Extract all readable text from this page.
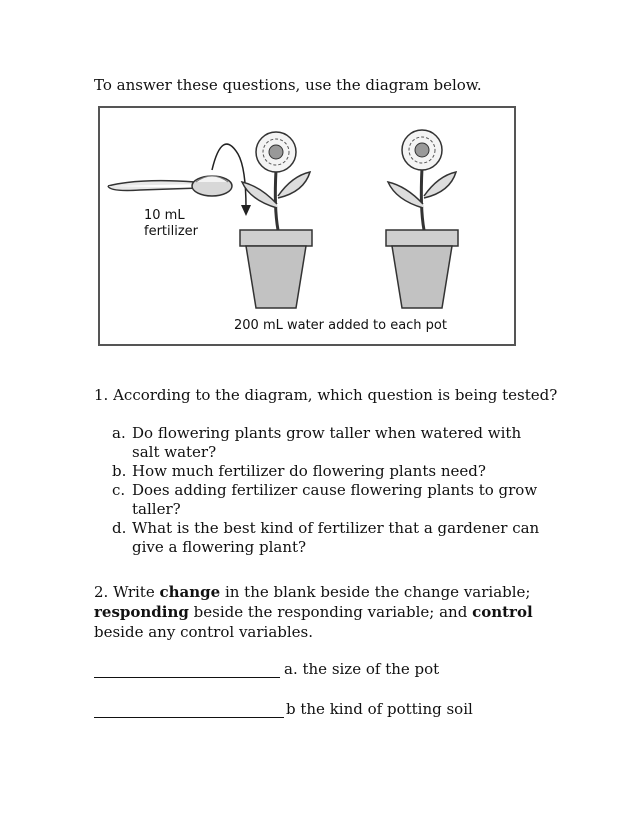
To answer these questions, use the diagram below.
10 mL
fertilizer
200 mL water added to each pot
1. According to the diagram, which question is being tested?
a. Do flowering plants grow taller when watered with salt water?
b. How much fertilizer do flowering plants need?
c. Does adding fertilizer cause flowering plants to grow taller?
d. What is the best kind of fertilizer that a gardener can give a flowering plant?
2. Write change in the blank beside the change variable; responding beside the responding variable; and control beside any control variables.
a. the size of the pot
b the kind of potting soil
